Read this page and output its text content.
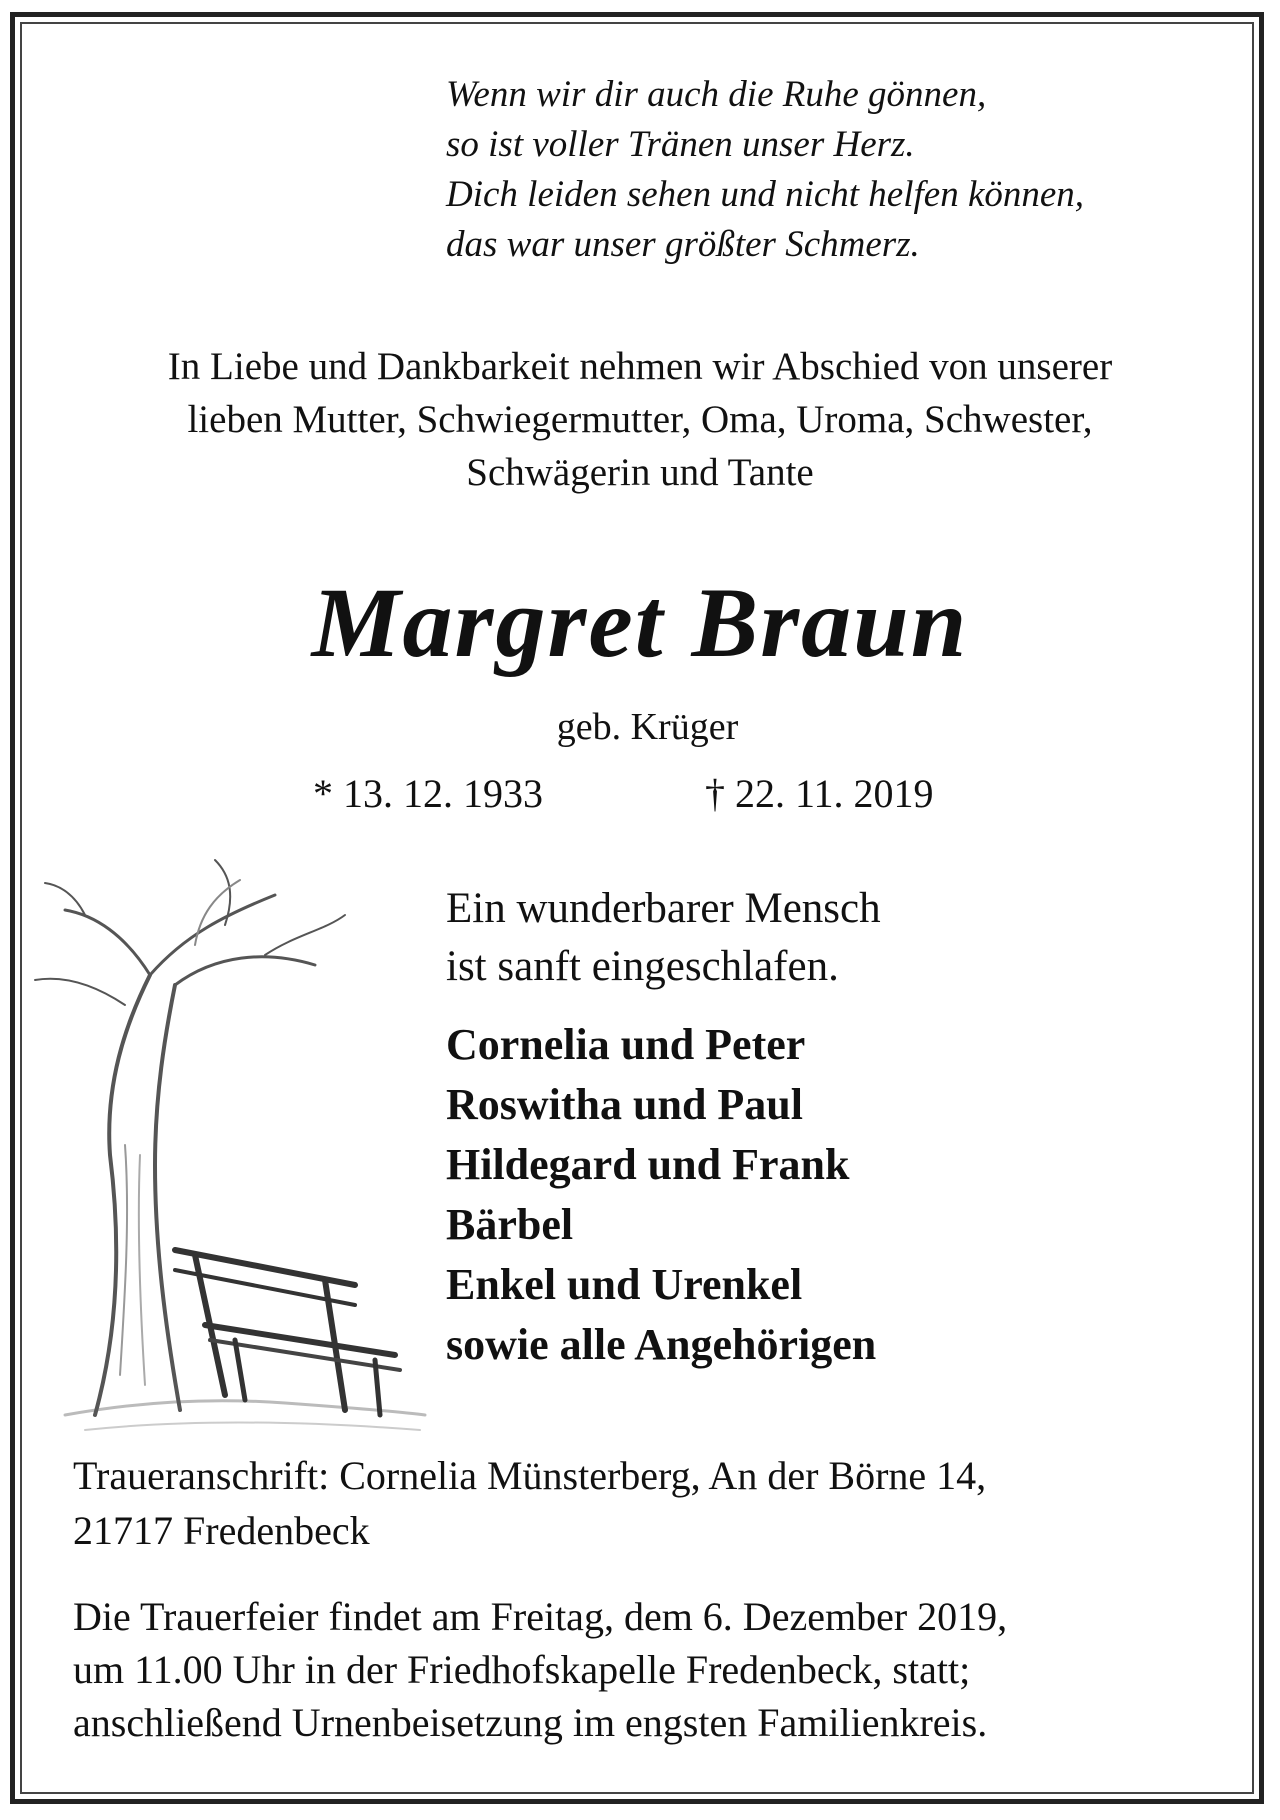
Wenn wir dir auch die Ruhe gönnen,
so ist voller Tränen unser Herz.
Dich leiden sehen und nicht helfen können,
das war unser größter Schmerz.
In Liebe und Dankbarkeit nehmen wir Abschied von unserer
lieben Mutter, Schwiegermutter, Oma, Uroma, Schwester,
Schwägerin und Tante
Margret Braun
geb. Krüger
* 13. 12. 1933	† 22. 11. 2019
Ein wunderbarer Mensch
ist sanft eingeschlafen.
Cornelia und Peter
Roswitha und Paul
Hildegard und Frank
Bärbel
Enkel und Urenkel
sowie alle Angehörigen
Traueranschrift: Cornelia Münsterberg, An der Börne 14,
21717 Fredenbeck
Die Trauerfeier findet am Freitag, dem 6. Dezember 2019,
um 11.00 Uhr in der Friedhofskapelle Fredenbeck, statt;
anschließend Urnenbeisetzung im engsten Familienkreis.
